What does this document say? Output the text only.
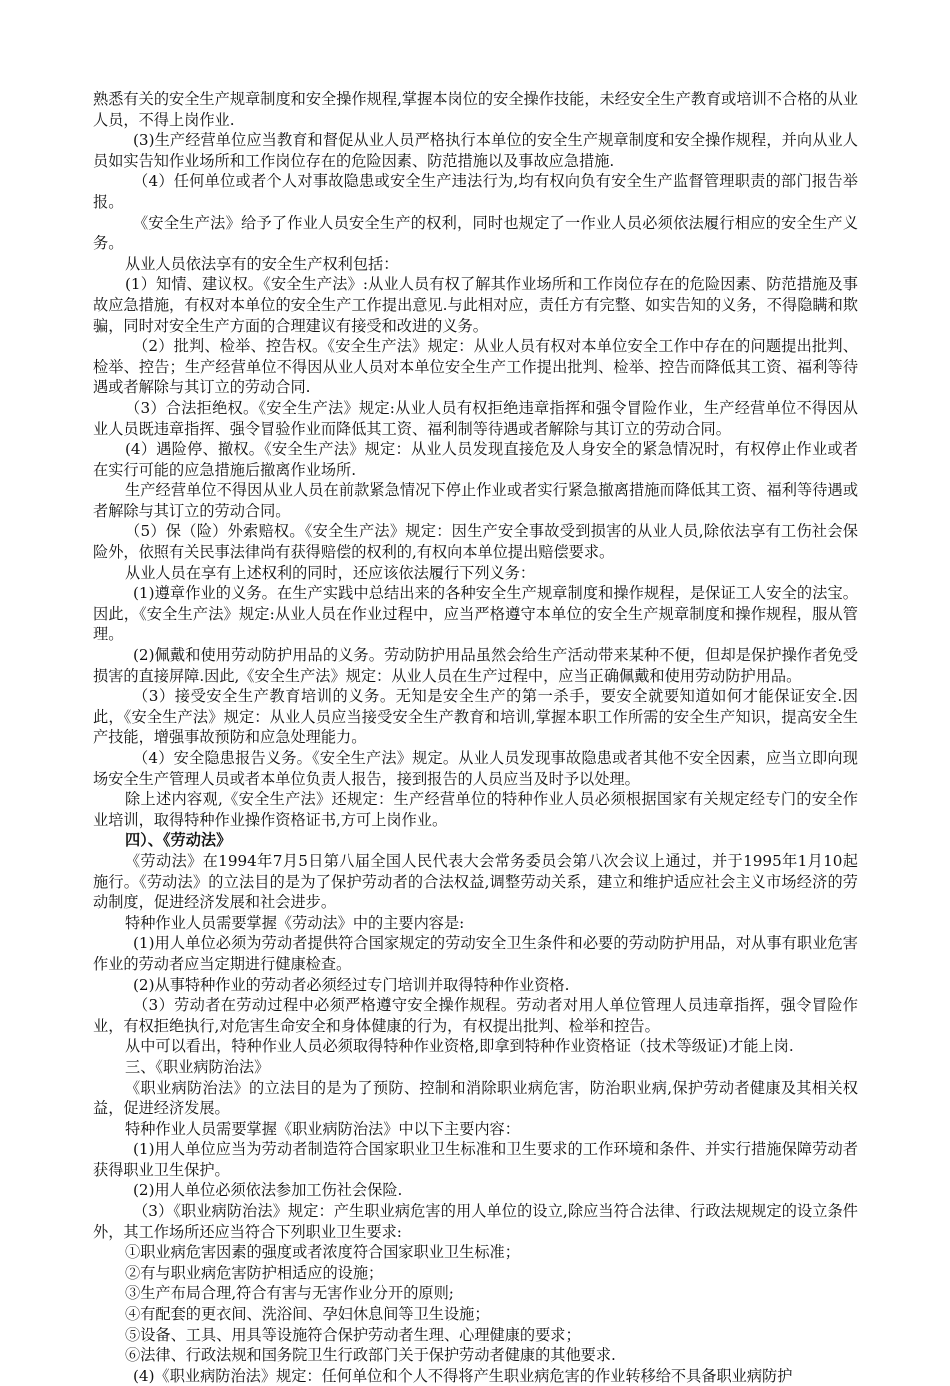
熟悉有关的安全生产规章制度和安全操作规程,掌握本岗位的安全操作技能，未经安全生产教育或培训不合格的从业人员，不得上岗作业.

(3)生产经营单位应当教育和督促从业人员严格执行本单位的安全生产规章制度和安全操作规程，并向从业人员如实告知作业场所和工作岗位存在的危险因素、防范措施以及事故应急措施.

（4）任何单位或者个人对事故隐患或安全生产违法行为,均有权向负有安全生产监督管理职责的部门报告举报。

《安全生产法》给予了作业人员安全生产的权利，同时也规定了一作业人员必须依法履行相应的安全生产义务。

从业人员依法享有的安全生产权利包括：

(1）知情、建议权。《安全生产法》:从业人员有权了解其作业场所和工作岗位存在的危险因素、防范措施及事故应急措施，有权对本单位的安全生产工作提出意见.与此相对应，责任方有完整、如实告知的义务，不得隐瞒和欺骗，同时对安全生产方面的合理建议有接受和改进的义务。

（2）批判、检举、控告权。《安全生产法》规定：从业人员有权对本单位安全工作中存在的问题提出批判、检举、控告；生产经营单位不得因从业人员对本单位安全生产工作提出批判、检举、控告而降低其工资、福利等待遇或者解除与其订立的劳动合同.

（3）合法拒绝权。《安全生产法》规定:从业人员有权拒绝违章指挥和强令冒险作业，生产经营单位不得因从业人员既违章指挥、强令冒验作业而降低其工资、福利制等待遇或者解除与其订立的劳动合同。

(4）遇险停、撤权。《安全生产法》规定：从业人员发现直接危及人身安全的紧急情况时，有权停止作业或者在实行可能的应急措施后撤离作业场所.

生产经营单位不得因从业人员在前款紧急情况下停止作业或者实行紧急撤离措施而降低其工资、福利等待遇或者解除与其订立的劳动合同。

（5）保（险）外索赔权。《安全生产法》规定：因生产安全事故受到损害的从业人员,除依法享有工伤社会保险外，依照有关民事法律尚有获得赔偿的权利的,有权向本单位提出赔偿要求。

从业人员在享有上述权利的同时，还应该依法履行下列义务：

(1)遵章作业的义务。在生产实践中总结出来的各种安全生产规章制度和操作规程，是保证工人安全的法宝。因此，《安全生产法》规定:从业人员在作业过程中，应当严格遵守本单位的安全生产规章制度和操作规程，服从管理。

(2)佩戴和使用劳动防护用品的义务。劳动防护用品虽然会给生产活动带来某种不便，但却是保护操作者免受损害的直接屏障.因此,《安全生产法》规定：从业人员在生产过程中，应当正确佩戴和使用劳动防护用品。

（3）接受安全生产教育培训的义务。无知是安全生产的第一杀手，要安全就要知道如何才能保证安全.因此，《安全生产法》规定：从业人员应当接受安全生产教育和培训,掌握本职工作所需的安全生产知识，提高安全生产技能，增强事故预防和应急处理能力。

（4）安全隐患报告义务。《安全生产法》规定。从业人员发现事故隐患或者其他不安全因素，应当立即向现场安全生产管理人员或者本单位负责人报告，接到报告的人员应当及时予以处理。

除上述内容观,《安全生产法》还规定：生产经营单位的特种作业人员必须根据国家有关规定经专门的安全作业培训，取得特种作业操作资格证书,方可上岗作业。

四）、《劳动法》

《劳动法》在1994年7月5日第八届全国人民代表大会常务委员会第八次会议上通过，并于1995年1月10起施行。《劳动法》的立法目的是为了保护劳动者的合法权益,调整劳动关系，建立和维护适应社会主义市场经济的劳动制度，促进经济发展和社会进步。

特种作业人员需要掌握《劳动法》中的主要内容是:

(1)用人单位必须为劳动者提供符合国家规定的劳动安全卫生条件和必要的劳动防护用品，对从事有职业危害作业的劳动者应当定期进行健康检查。

(2)从事特种作业的劳动者必须经过专门培训并取得特种作业资格.

（3）劳动者在劳动过程中必须严格遵守安全操作规程。劳动者对用人单位管理人员违章指挥，强令冒险作业，有权拒绝执行,对危害生命安全和身体健康的行为，有权提出批判、检举和控告。

从中可以看出，特种作业人员必须取得特种作业资格,即拿到特种作业资格证（技术等级证)才能上岗.

三、《职业病防治法》

《职业病防治法》的立法目的是为了预防、控制和消除职业病危害，防治职业病,保护劳动者健康及其相关权益，促进经济发展。

特种作业人员需要掌握《职业病防治法》中以下主要内容：

(1)用人单位应当为劳动者制造符合国家职业卫生标准和卫生要求的工作环境和条件、并实行措施保障劳动者获得职业卫生保护。

(2)用人单位必须依法参加工伤社会保险.

（3）《职业病防治法》规定：产生职业病危害的用人单位的设立,除应当符合法律、行政法规规定的设立条件外，其工作场所还应当符合下列职业卫生要求:

①职业病危害因素的强度或者浓度符合国家职业卫生标准；

②有与职业病危害防护相适应的设施；

③生产布局合理,符合有害与无害作业分开的原则;

④有配套的更衣间、洗浴间、孕妇休息间等卫生设施；

⑤设备、工具、用具等设施符合保护劳动者生理、心理健康的要求；

⑥法律、行政法规和国务院卫生行政部门关于保护劳动者健康的其他要求.

(4)《职业病防治法》规定：任何单位和个人不得将产生职业病危害的作业转移给不具备职业病防护
